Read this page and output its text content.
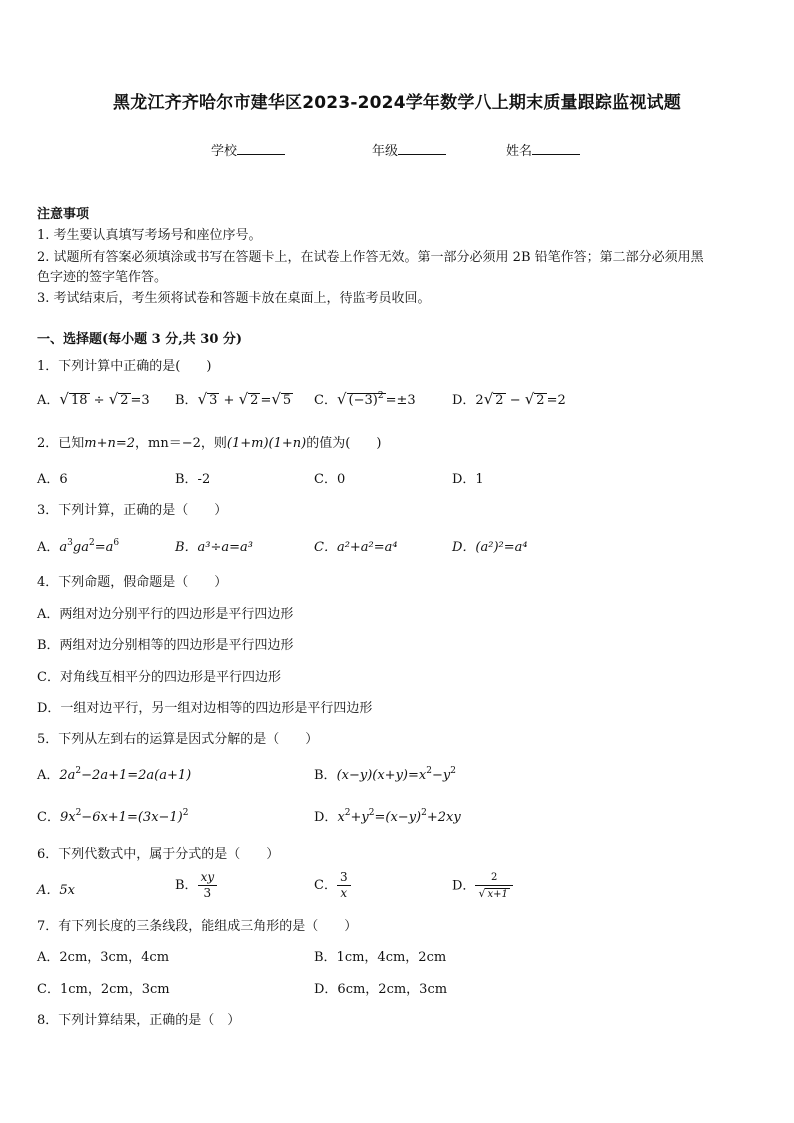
黑龙江齐齐哈尔市建华区2023-2024学年数学八上期末质量跟踪监视试题
学校	年级	姓名
注意事项
1. 考生要认真填写考场号和座位序号。
2. 试题所有答案必须填涂或书写在答题卡上，在试卷上作答无效。第一部分必须用 2B 铅笔作答；第二部分必须用黑
色字迹的签字笔作答。
3. 考试结束后，考生须将试卷和答题卡放在桌面上，待监考员收回。
一、选择题(每小题 3 分,共 30 分)
1．下列计算中正确的是(　　)
A．√ 18 ÷ √ 2 =3 B．√ 3 + √ 2 =√ 5 C．√ $(-3)^2 =\pm 3$	D．2√ 2 − √ 2 =2
2．已知m+n=2，mn＝−2，则(1+m)(1+n)的值为(　　)
A．6	B．-2	C．0	D．1
3．下列计算，正确的是（　　）
A．$a^3ga^2=a^6$	B．a³÷a=a³	C．a²+a²=a⁴	D．(a²)²=a⁴
4．下列命题，假命题是（　　）
A．两组对边分别平行的四边形是平行四边形
B．两组对边分别相等的四边形是平行四边形
C．对角线互相平分的四边形是平行四边形
D．一组对边平行，另一组对边相等的四边形是平行四边形
5．下列从左到右的运算是因式分解的是（　　）
A．$2a^2-2a+1=2a(a+1)$	B．$(x-y)(x+y)=x^2-y^2$
C．$9x^2-6x+1=(3x-1)^2$	D．$x^2+y^2=(x-y)^2+2xy$
6．下列代数式中，属于分式的是（　　）
A．5x	B． $\frac{xy}{3}$	C． $\frac{3}{x}$	D． $\frac{2}{√ x+1}$
7．有下列长度的三条线段，能组成三角形的是（　　）
A．2cm，3cm，4cm	B．1cm，4cm，2cm
C．1cm，2cm，3cm	D．6cm，2cm，3cm
8．下列计算结果，正确的是（　）
